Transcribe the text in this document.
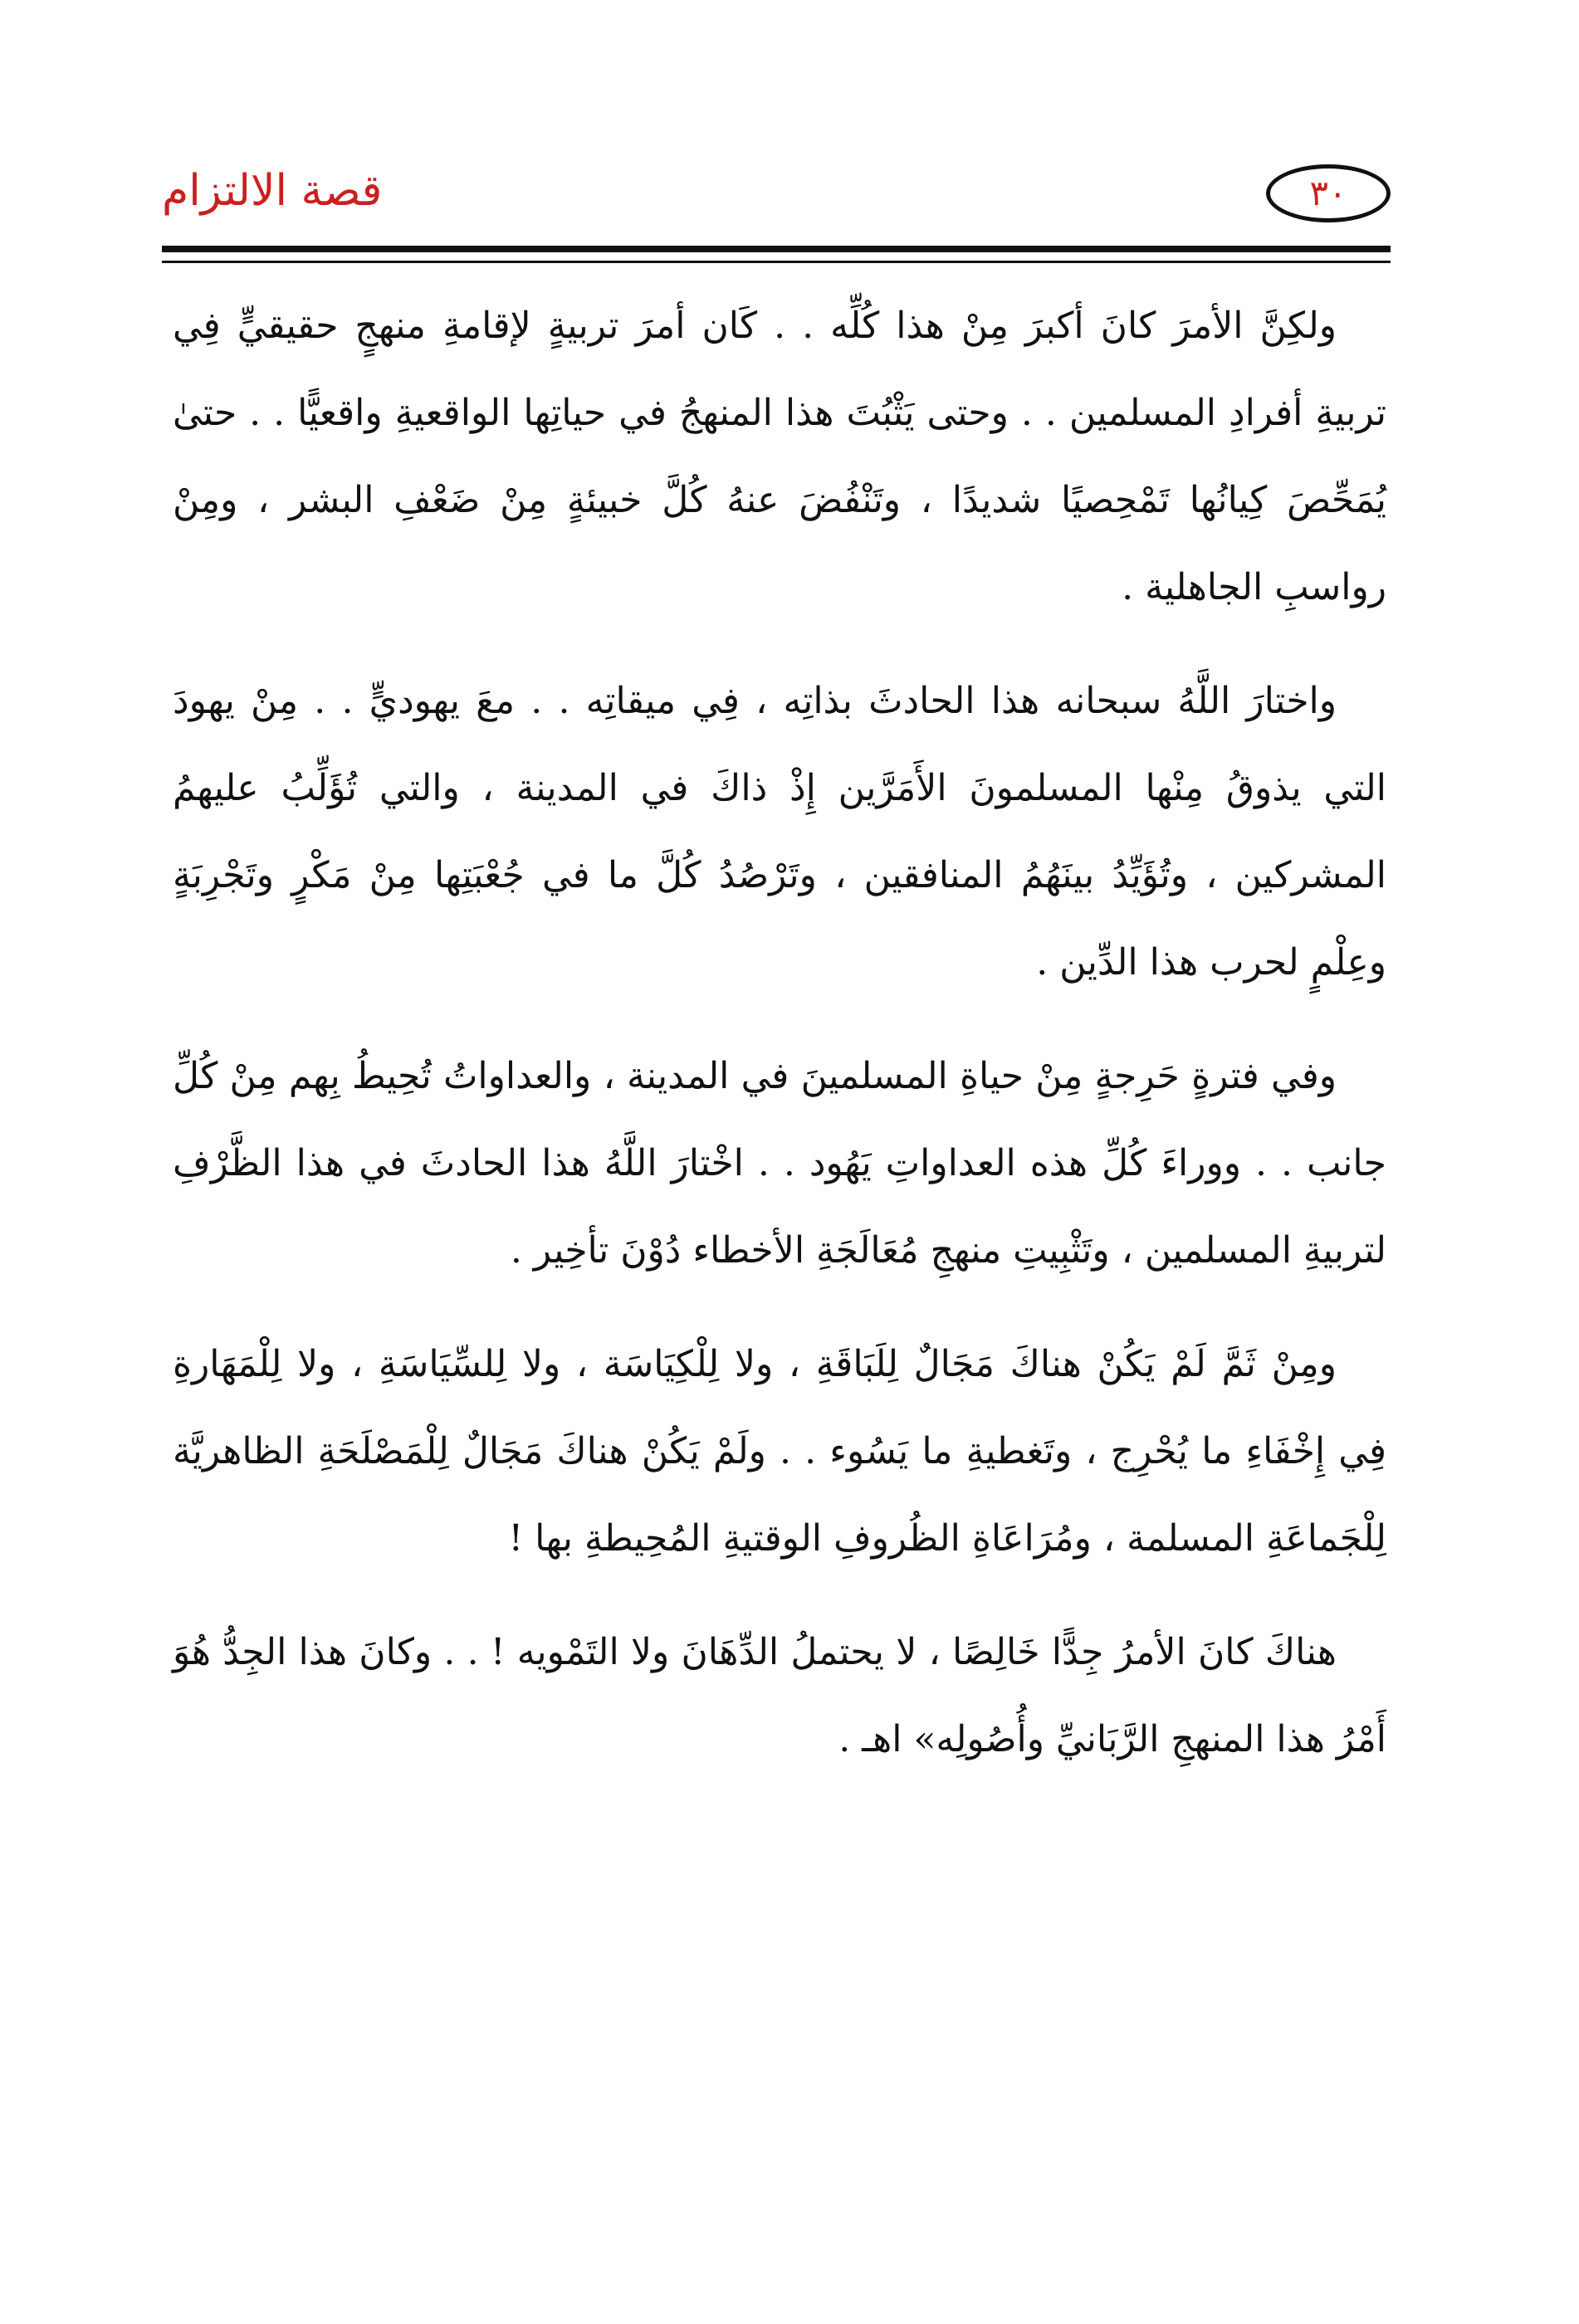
قصة الالتزام	٣٠

ولكِنَّ الأمرَ كانَ أكبرَ مِنْ هذا كُلِّه . . كَان أمرَ تربيةٍ لإقامةِ منهجٍ حقيقيٍّ فِي تربيةِ أفرادِ المسلمين . . وحتى يَثْبُتَ هذا المنهجُ في حياتِها الواقعيةِ واقعيًّا . . حتىٰ يُمَحِّصَ كِيانُها تَمْحِصيًا شديدًا ، وتَنْفُضَ عنهُ كُلَّ خبيئةٍ مِنْ ضَعْفِ البشر ، ومِنْ رواسبِ الجاهلية .

واختارَ اللَّهُ سبحانه هذا الحادثَ بذاتِه ، فِي ميقاتِه . . معَ يهوديٍّ . . مِنْ يهودَ التي يذوقُ مِنْها المسلمونَ الأَمَرَّين إِذْ ذاكَ في المدينة ، والتي تُؤَلِّبُ عليهمُ المشركين ، وتُؤَيِّدُ بينَهُمُ المنافقين ، وتَرْصُدُ كُلَّ ما في جُعْبَتِها مِنْ مَكْرٍ وتَجْرِبَةٍ وعِلْمٍ لحرب هذا الدِّين .

وفي فترةٍ حَرِجةٍ مِنْ حياةِ المسلمينَ في المدينة ، والعداواتُ تُحِيطُ بِهم مِنْ كُلِّ جانب . . ووراءَ كُلِّ هذه العداواتِ يَهُود . . اخْتارَ اللَّهُ هذا الحادثَ في هذا الظَّرْفِ لتربيةِ المسلمين ، وتَثْبِيتِ منهجِ مُعَالَجَةِ الأخطاء دُوْنَ تأخِير .

ومِنْ ثَمَّ لَمْ يَكُنْ هناكَ مَجَالٌ لِلَبَاقَةِ ، ولا لِلْكِيَاسَة ، ولا لِلسِّيَاسَةِ ، ولا لِلْمَهَارةِ فِي إِخْفَاءِ ما يُحْرِج ، وتَغطيةِ ما يَسُوء . . ولَمْ يَكُنْ هناكَ مَجَالٌ لِلْمَصْلَحَةِ الظاهريَّة لِلْجَماعَةِ المسلمة ، ومُرَاعَاةِ الظُروفِ الوقتيةِ المُحِيطةِ بها !

هناكَ كانَ الأمرُ جِدًّا خَالِصًا ، لا يحتملُ الدِّهَانَ ولا التَمْويه ! . . وكانَ هذا الجِدُّ هُوَ أَمْرُ هذا المنهجِ الرَّبَانيِّ وأُصُولِه» اهـ .
